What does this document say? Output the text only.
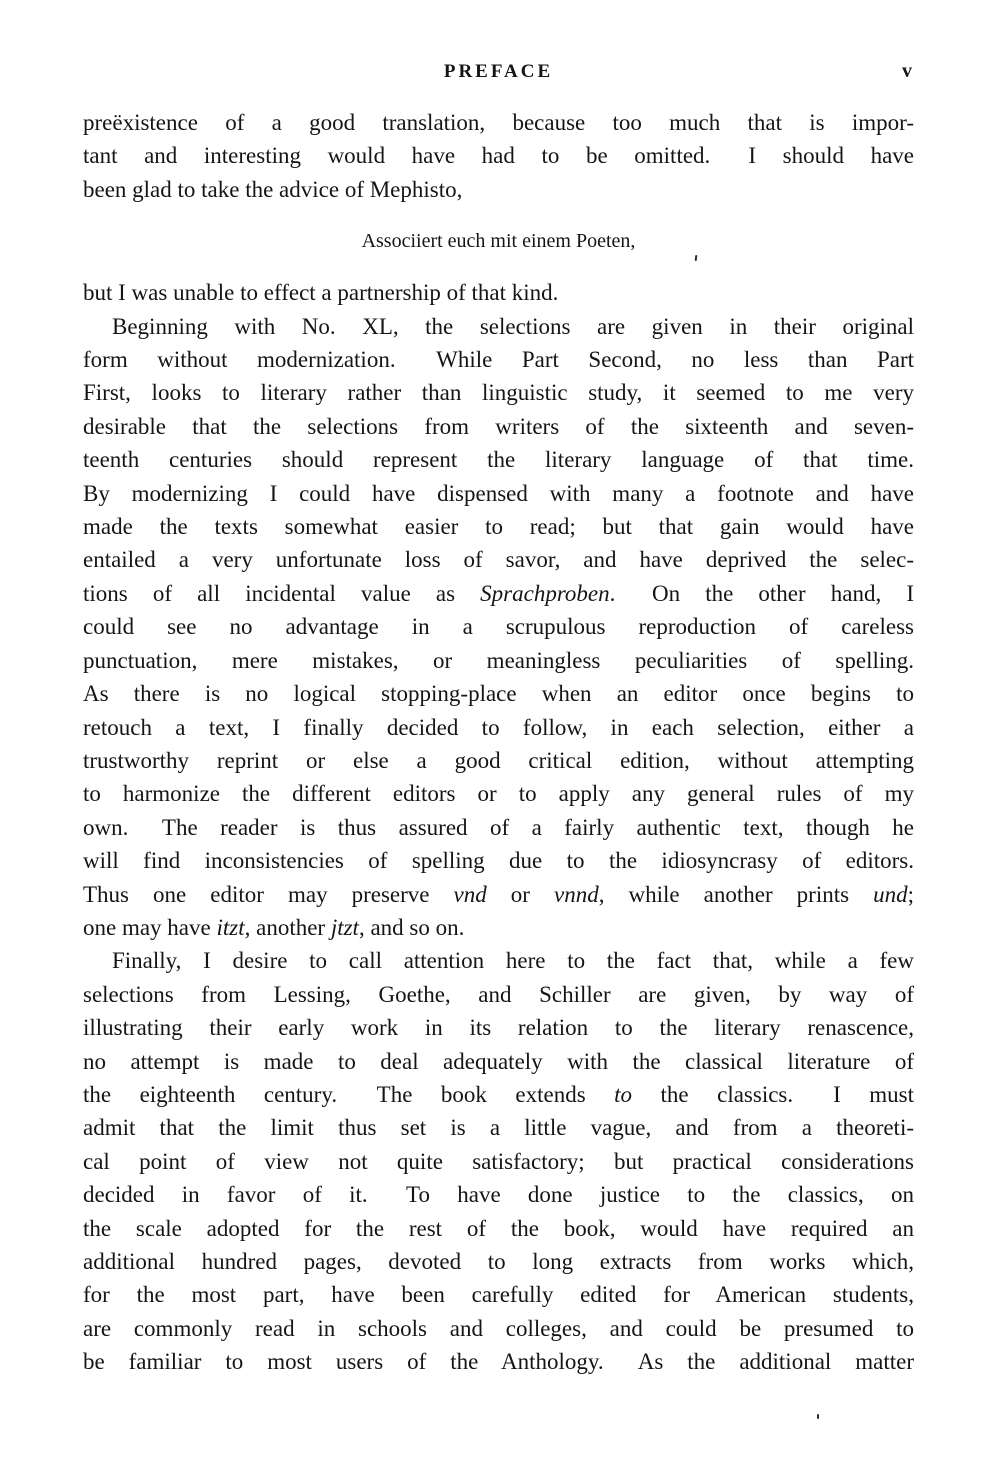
PREFACE	v

preëxistence of a good translation, because too much that is impor-
tant and interesting would have had to be omitted.  I should have
been glad to take the advice of Mephisto,

Associiert euch mit einem Poeten,

but I was unable to effect a partnership of that kind.

Beginning with No. XL, the selections are given in their original
form without modernization.  While Part Second, no less than Part
First, looks to literary rather than linguistic study, it seemed to me very
desirable that the selections from writers of the sixteenth and seven-
teenth centuries should represent the literary language of that time.
By modernizing I could have dispensed with many a footnote and have
made the texts somewhat easier to read; but that gain would have
entailed a very unfortunate loss of savor, and have deprived the selec-
tions of all incidental value as Sprachproben.  On the other hand, I
could see no advantage in a scrupulous reproduction of careless
punctuation, mere mistakes, or meaningless peculiarities of spelling.
As there is no logical stopping-place when an editor once begins to
retouch a text, I finally decided to follow, in each selection, either a
trustworthy reprint or else a good critical edition, without attempting
to harmonize the different editors or to apply any general rules of my
own.  The reader is thus assured of a fairly authentic text, though he
will find inconsistencies of spelling due to the idiosyncrasy of editors.
Thus one editor may preserve vnd or vnnd, while another prints und;
one may have itzt, another jtzt, and so on.

Finally, I desire to call attention here to the fact that, while a few
selections from Lessing, Goethe, and Schiller are given, by way of
illustrating their early work in its relation to the literary renascence,
no attempt is made to deal adequately with the classical literature of
the eighteenth century.  The book extends to the classics.  I must
admit that the limit thus set is a little vague, and from a theoreti-
cal point of view not quite satisfactory; but practical considerations
decided in favor of it.  To have done justice to the classics, on
the scale adopted for the rest of the book, would have required an
additional hundred pages, devoted to long extracts from works which,
for the most part, have been carefully edited for American students,
are commonly read in schools and colleges, and could be presumed to
be familiar to most users of the Anthology.  As the additional matter
